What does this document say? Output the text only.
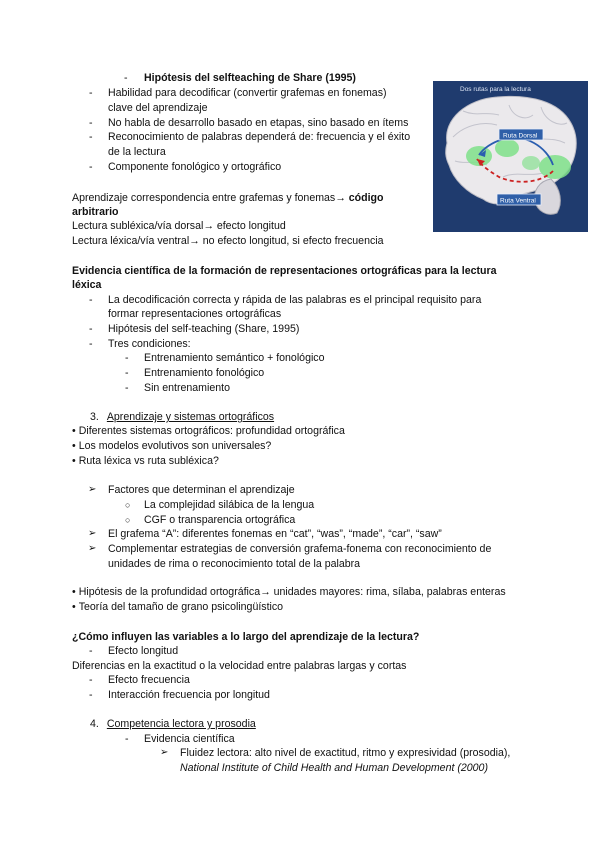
- Hipótesis del selfteaching de Share (1995)
- Habilidad para decodificar (convertir grafemas en fonemas)
clave del aprendizaje
- No habla de desarrollo basado en etapas, sino basado en ítems
- Reconocimiento de palabras dependerá de: frecuencia y el éxito
de la lectura
- Componente fonológico y ortográfico
Aprendizaje correspondencia entre grafemas y fonemas→ código
arbitrario
Lectura subléxica/vía dorsal→ efecto longitud
Lectura léxica/vía ventral→ no efecto longitud, si efecto frecuencia
Dos rutas para la lectura
Ruta Dorsal
Ruta Ventral
Evidencia científica de la formación de representaciones ortográficas para la lectura
léxica
- La decodificación correcta y rápida de las palabras es el principal requisito para
formar representaciones ortográficas
- Hipótesis del self-teaching (Share, 1995)
- Tres condiciones:
- Entrenamiento semántico + fonológico
- Entrenamiento fonológico
- Sin entrenamiento
3. Aprendizaje y sistemas ortográficos
• Diferentes sistemas ortográficos: profundidad ortográfica
• Los modelos evolutivos son universales?
• Ruta léxica vs ruta subléxica?
➢ Factores que determinan el aprendizaje
○ La complejidad silábica de la lengua
○ CGF o transparencia ortográfica
➢ El grafema “A”: diferentes fonemas en “cat”, “was”, “made”, “car”, “saw”
➢ Complementar estrategias de conversión grafema-fonema con reconocimiento de
unidades de rima o reconocimiento total de la palabra
• Hipótesis de la profundidad ortográfica→ unidades mayores: rima, sílaba, palabras enteras
• Teoría del tamaño de grano psicolingüístico
¿Cómo influyen las variables a lo largo del aprendizaje de la lectura?
- Efecto longitud
Diferencias en la exactitud o la velocidad entre palabras largas y cortas
- Efecto frecuencia
- Interacción frecuencia por longitud
4. Competencia lectora y prosodia
- Evidencia científica
➢ Fluidez lectora: alto nivel de exactitud, ritmo y expresividad (prosodia),
National Institute of Child Health and Human Development (2000)
